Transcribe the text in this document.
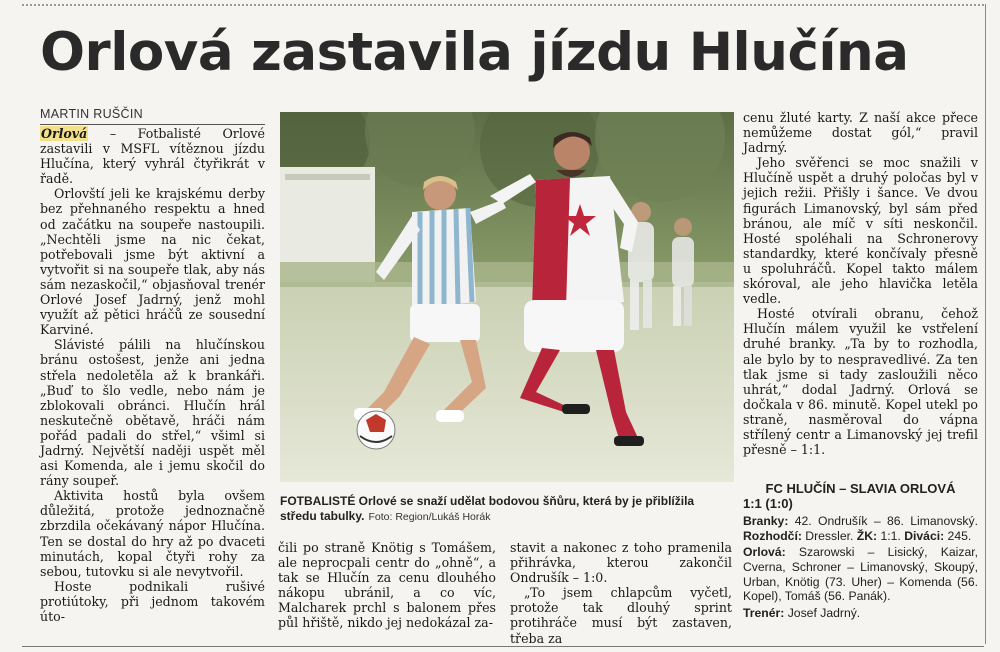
Orlová zastavila jízdu Hlučína
MARTIN RUŠČIN

Orlová – Fotbalisté Orlové zastavili v MSFL vítěznou jízdu Hlučína, který vyhrál čtyřikrát v řadě.

Orlovští jeli ke krajskému derby bez přehnaného respektu a hned od začátku na soupeře nastoupili. „Nechtěli jsme na nic čekat, potřebovali jsme být aktivní a vytvořit si na soupeře tlak, aby nás sám nezaskočil,“ objasňoval trenér Orlové Josef Jadrný, jenž mohl využít až pětici hráčů ze sousední Karviné.

Slávisté pálili na hlučínskou bránu ostošest, jenže ani jedna střela nedoletěla až k brankáři. „Buď to šlo vedle, nebo nám je zblokovali obránci. Hlučín hrál neskutečně obětavě, hráči nám pořád padali do střel,“ všiml si Jadrný. Největší naději uspět měl asi Komenda, ale i jemu skočil do rány soupeř.

Aktivita hostů byla ovšem důležitá, protože jednoznačně zbrzdila očekávaný nápor Hlučína. Ten se dostal do hry až po dvaceti minutách, kopal čtyři rohy za sebou, tutovku si ale nevytvořil.

Hoste podnikali rušivé protiútoky, při jednom takovém úto-

FOTBALISTÉ Orlové se snaží udělat bodovou šňůru, která by je přiblížila středu tabulky. Foto: Region/Lukáš Horák

čili po straně Knötig s Tomášem, ale neprocpali centr do „ohně“, a tak se Hlučín za cenu dlouhého nákopu ubránil, a co víc, Malcharek prchl s balonem přes půl hřiště, nikdo jej nedokázal za-

stavit a nakonec z toho pramenila přihrávka, kterou zakončil Ondrušík – 1:0.

„To jsem chlapcům vyčetl, protože tak dlouhý sprint protihráče musí být zastaven, třeba za

cenu žluté karty. Z naší akce přece nemůžeme dostat gól,“ pravil Jadrný.

Jeho svěřenci se moc snažili v Hlučíně uspět a druhý poločas byl v jejich režii. Přišly i šance. Ve dvou figurách Limanovský, byl sám před bránou, ale míč v síti neskončil. Hosté spoléhali na Schronerovy standardky, které končívaly přesně u spoluhráčů. Kopel takto málem skóroval, ale jeho hlavička letěla vedle.

Hosté otvírali obranu, čehož Hlučín málem využil ke vstřelení druhé branky. „Ta by to rozhodla, ale bylo by to nespravedlivé. Za ten tlak jsme si tady zasloužili něco uhrát,“ dodal Jadrný. Orlová se dočkala v 86. minutě. Kopel utekl po straně, nasměroval do vápna střílený centr a Limanovský jej trefil přesně – 1:1.

FC HLUČÍN – SLAVIA ORLOVÁ
1:1 (1:0)

Branky: 42. Ondrušík – 86. Limanovský. Rozhodčí: Dressler. ŽK: 1:1. Diváci: 245.

Orlová: Szarowski – Lisický, Kaizar, Cverna, Schroner – Limanovský, Skoupý, Urban, Knötig (73. Uher) – Komenda (56. Kopel), Tomáš (56. Panák).

Trenér: Josef Jadrný.
